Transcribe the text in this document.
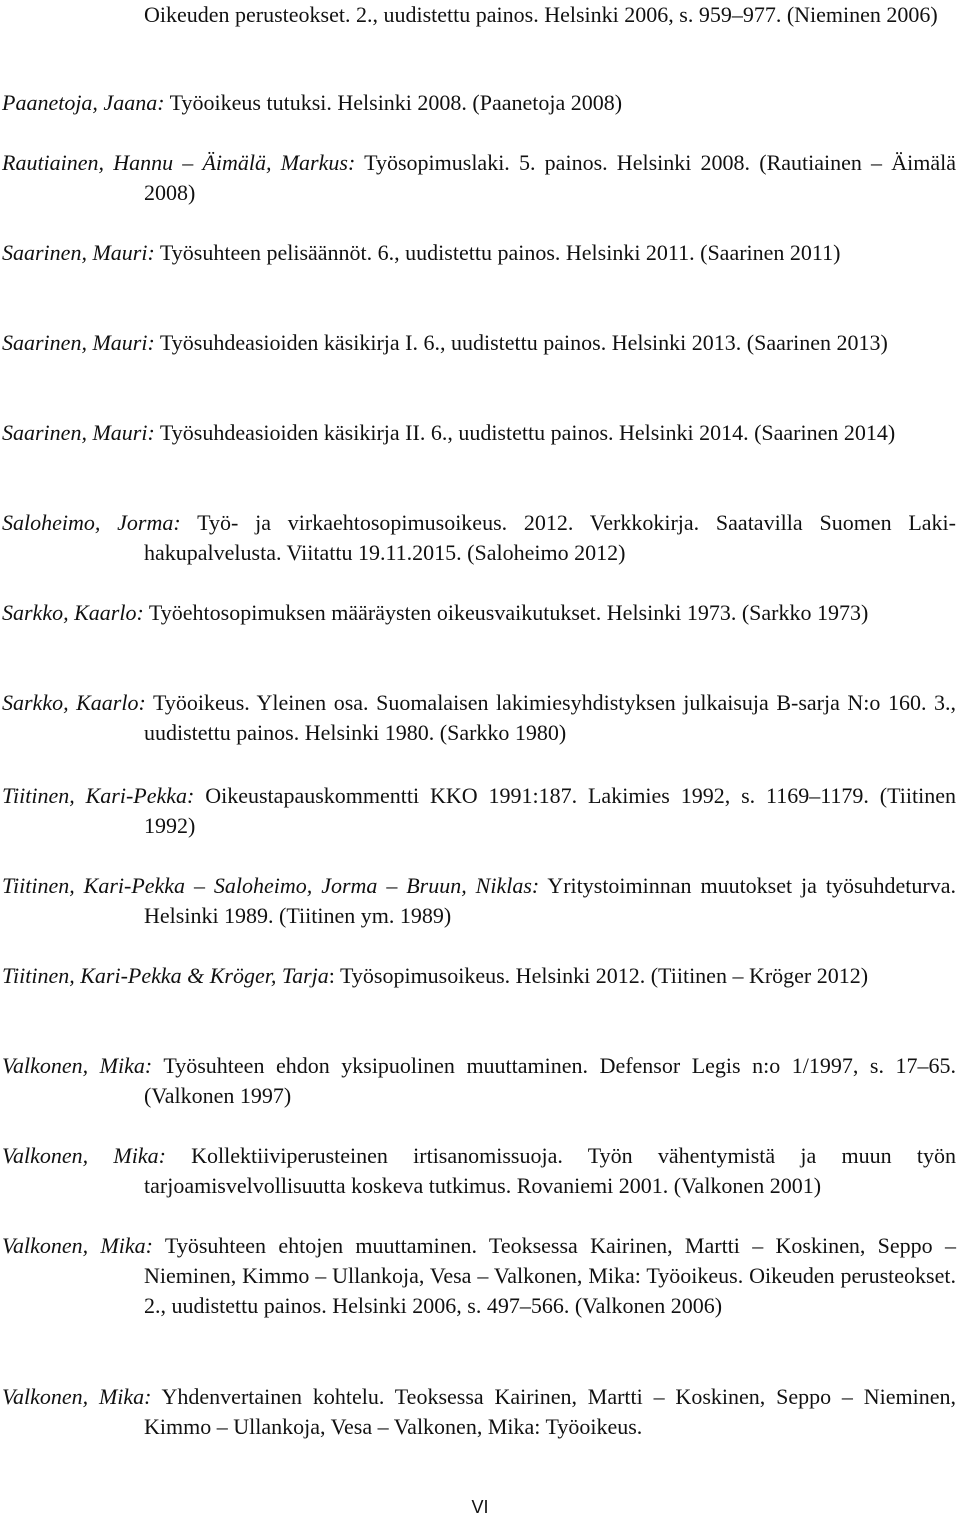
Oikeuden perusteokset. 2., uudistettu painos. Helsinki 2006, s. 959–977. (Nieminen 2006)
Paanetoja, Jaana: Työoikeus tutuksi. Helsinki 2008. (Paanetoja 2008)
Rautiainen, Hannu – Äimälä, Markus: Työsopimuslaki. 5. painos. Helsinki 2008. (Rautiainen – Äimälä 2008)
Saarinen, Mauri: Työsuhteen pelisäännöt. 6., uudistettu painos. Helsinki 2011. (Saarinen 2011)
Saarinen, Mauri: Työsuhdeasioiden käsikirja I. 6., uudistettu painos. Helsinki 2013. (Saarinen 2013)
Saarinen, Mauri: Työsuhdeasioiden käsikirja II. 6., uudistettu painos. Helsinki 2014. (Saarinen 2014)
Saloheimo, Jorma: Työ- ja virkaehtosopimusoikeus. 2012. Verkkokirja. Saatavilla Suomen Laki-hakupalvelusta. Viitattu 19.11.2015. (Saloheimo 2012)
Sarkko, Kaarlo: Työehtosopimuksen määräysten oikeusvaikutukset. Helsinki 1973. (Sarkko 1973)
Sarkko, Kaarlo: Työoikeus. Yleinen osa. Suomalaisen lakimiesyhdistyksen julkaisuja B-sarja N:o 160. 3., uudistettu painos. Helsinki 1980. (Sarkko 1980)
Tiitinen, Kari-Pekka: Oikeustapauskommentti KKO 1991:187. Lakimies 1992, s. 1169–1179. (Tiitinen 1992)
Tiitinen, Kari-Pekka – Saloheimo, Jorma – Bruun, Niklas: Yritystoiminnan muutokset ja työsuhdeturva. Helsinki 1989. (Tiitinen ym. 1989)
Tiitinen, Kari-Pekka & Kröger, Tarja: Työsopimusoikeus. Helsinki 2012. (Tiitinen – Kröger 2012)
Valkonen, Mika: Työsuhteen ehdon yksipuolinen muuttaminen. Defensor Legis n:o 1/1997, s. 17–65. (Valkonen 1997)
Valkonen, Mika: Kollektiiviperusteinen irtisanomissuoja. Työn vähentymistä ja muun työn tarjoamisvelvollisuutta koskeva tutkimus. Rovaniemi 2001. (Valkonen 2001)
Valkonen, Mika: Työsuhteen ehtojen muuttaminen. Teoksessa Kairinen, Martti – Koskinen, Seppo – Nieminen, Kimmo – Ullankoja, Vesa – Valkonen, Mika: Työoikeus. Oikeuden perusteokset. 2., uudistettu painos. Helsinki 2006, s. 497–566. (Valkonen 2006)
Valkonen, Mika: Yhdenvertainen kohtelu. Teoksessa Kairinen, Martti – Koskinen, Seppo – Nieminen, Kimmo – Ullankoja, Vesa – Valkonen, Mika: Työoikeus.
VI
